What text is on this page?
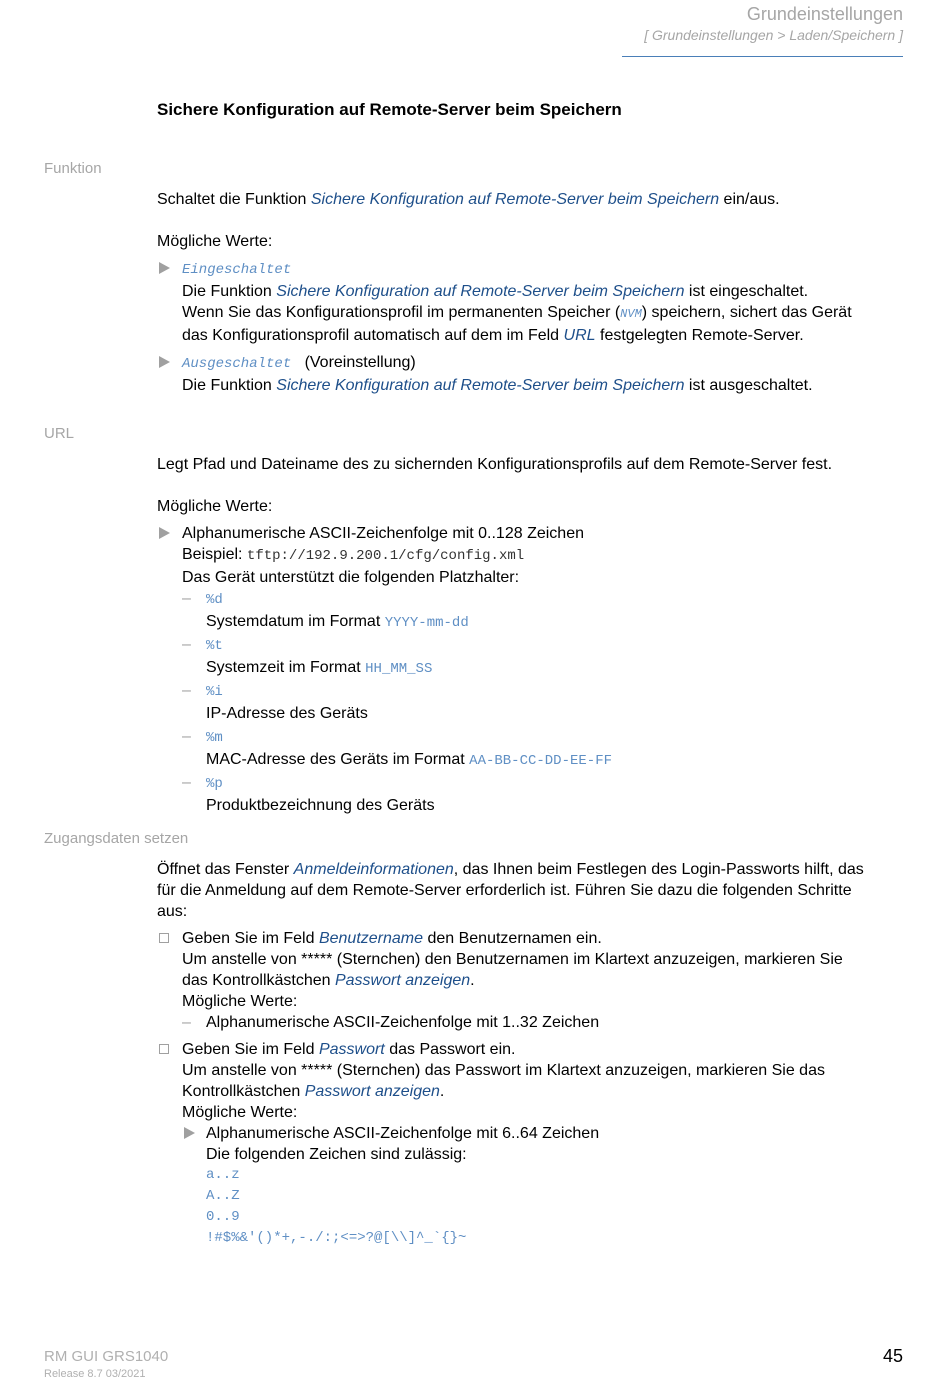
Grundeinstellungen
[ Grundeinstellungen > Laden/Speichern ]
Sichere Konfiguration auf Remote-Server beim Speichern
Funktion

Schaltet die Funktion Sichere Konfiguration auf Remote-Server beim Speichern ein/aus.

Mögliche Werte:

Eingeschaltet

Die Funktion Sichere Konfiguration auf Remote-Server beim Speichern ist eingeschaltet.

Wenn Sie das Konfigurationsprofil im permanenten Speicher (NVM) speichern, sichert das Gerät

das Konfigurationsprofil automatisch auf dem im Feld URL festgelegten Remote-Server.

Ausgeschaltet (Voreinstellung)

Die Funktion Sichere Konfiguration auf Remote-Server beim Speichern ist ausgeschaltet.

URL

Legt Pfad und Dateiname des zu sichernden Konfigurationsprofils auf dem Remote-Server fest.

Mögliche Werte:

Alphanumerische ASCII-Zeichenfolge mit 0..128 Zeichen

Beispiel: tftp://192.9.200.1/cfg/config.xml

Das Gerät unterstützt die folgenden Platzhalter:

– %d

Systemdatum im Format YYYY-mm-dd

– %t

Systemzeit im Format HH_MM_SS

– %i

IP-Adresse des Geräts

– %m

MAC-Adresse des Geräts im Format AA-BB-CC-DD-EE-FF

– %p

Produktbezeichnung des Geräts

Zugangsdaten setzen

Öffnet das Fenster Anmeldeinformationen, das Ihnen beim Festlegen des Login-Passworts hilft, das

für die Anmeldung auf dem Remote-Server erforderlich ist. Führen Sie dazu die folgenden Schritte

aus:

Geben Sie im Feld Benutzername den Benutzernamen ein.

Um anstelle von ***** (Sternchen) den Benutzernamen im Klartext anzuzeigen, markieren Sie

das Kontrollkästchen Passwort anzeigen.

Mögliche Werte:

– Alphanumerische ASCII-Zeichenfolge mit 1..32 Zeichen

Geben Sie im Feld Passwort das Passwort ein.

Um anstelle von ***** (Sternchen) das Passwort im Klartext anzuzeigen, markieren Sie das

Kontrollkästchen Passwort anzeigen.

Mögliche Werte:

Alphanumerische ASCII-Zeichenfolge mit 6..64 Zeichen

Die folgenden Zeichen sind zulässig:

a..z

A..Z

0..9

!#$%&'()*+,-./:;<=>?@[\\]^_`{}~

RM GUI GRS1040
Release 8.7 03/2021
45
